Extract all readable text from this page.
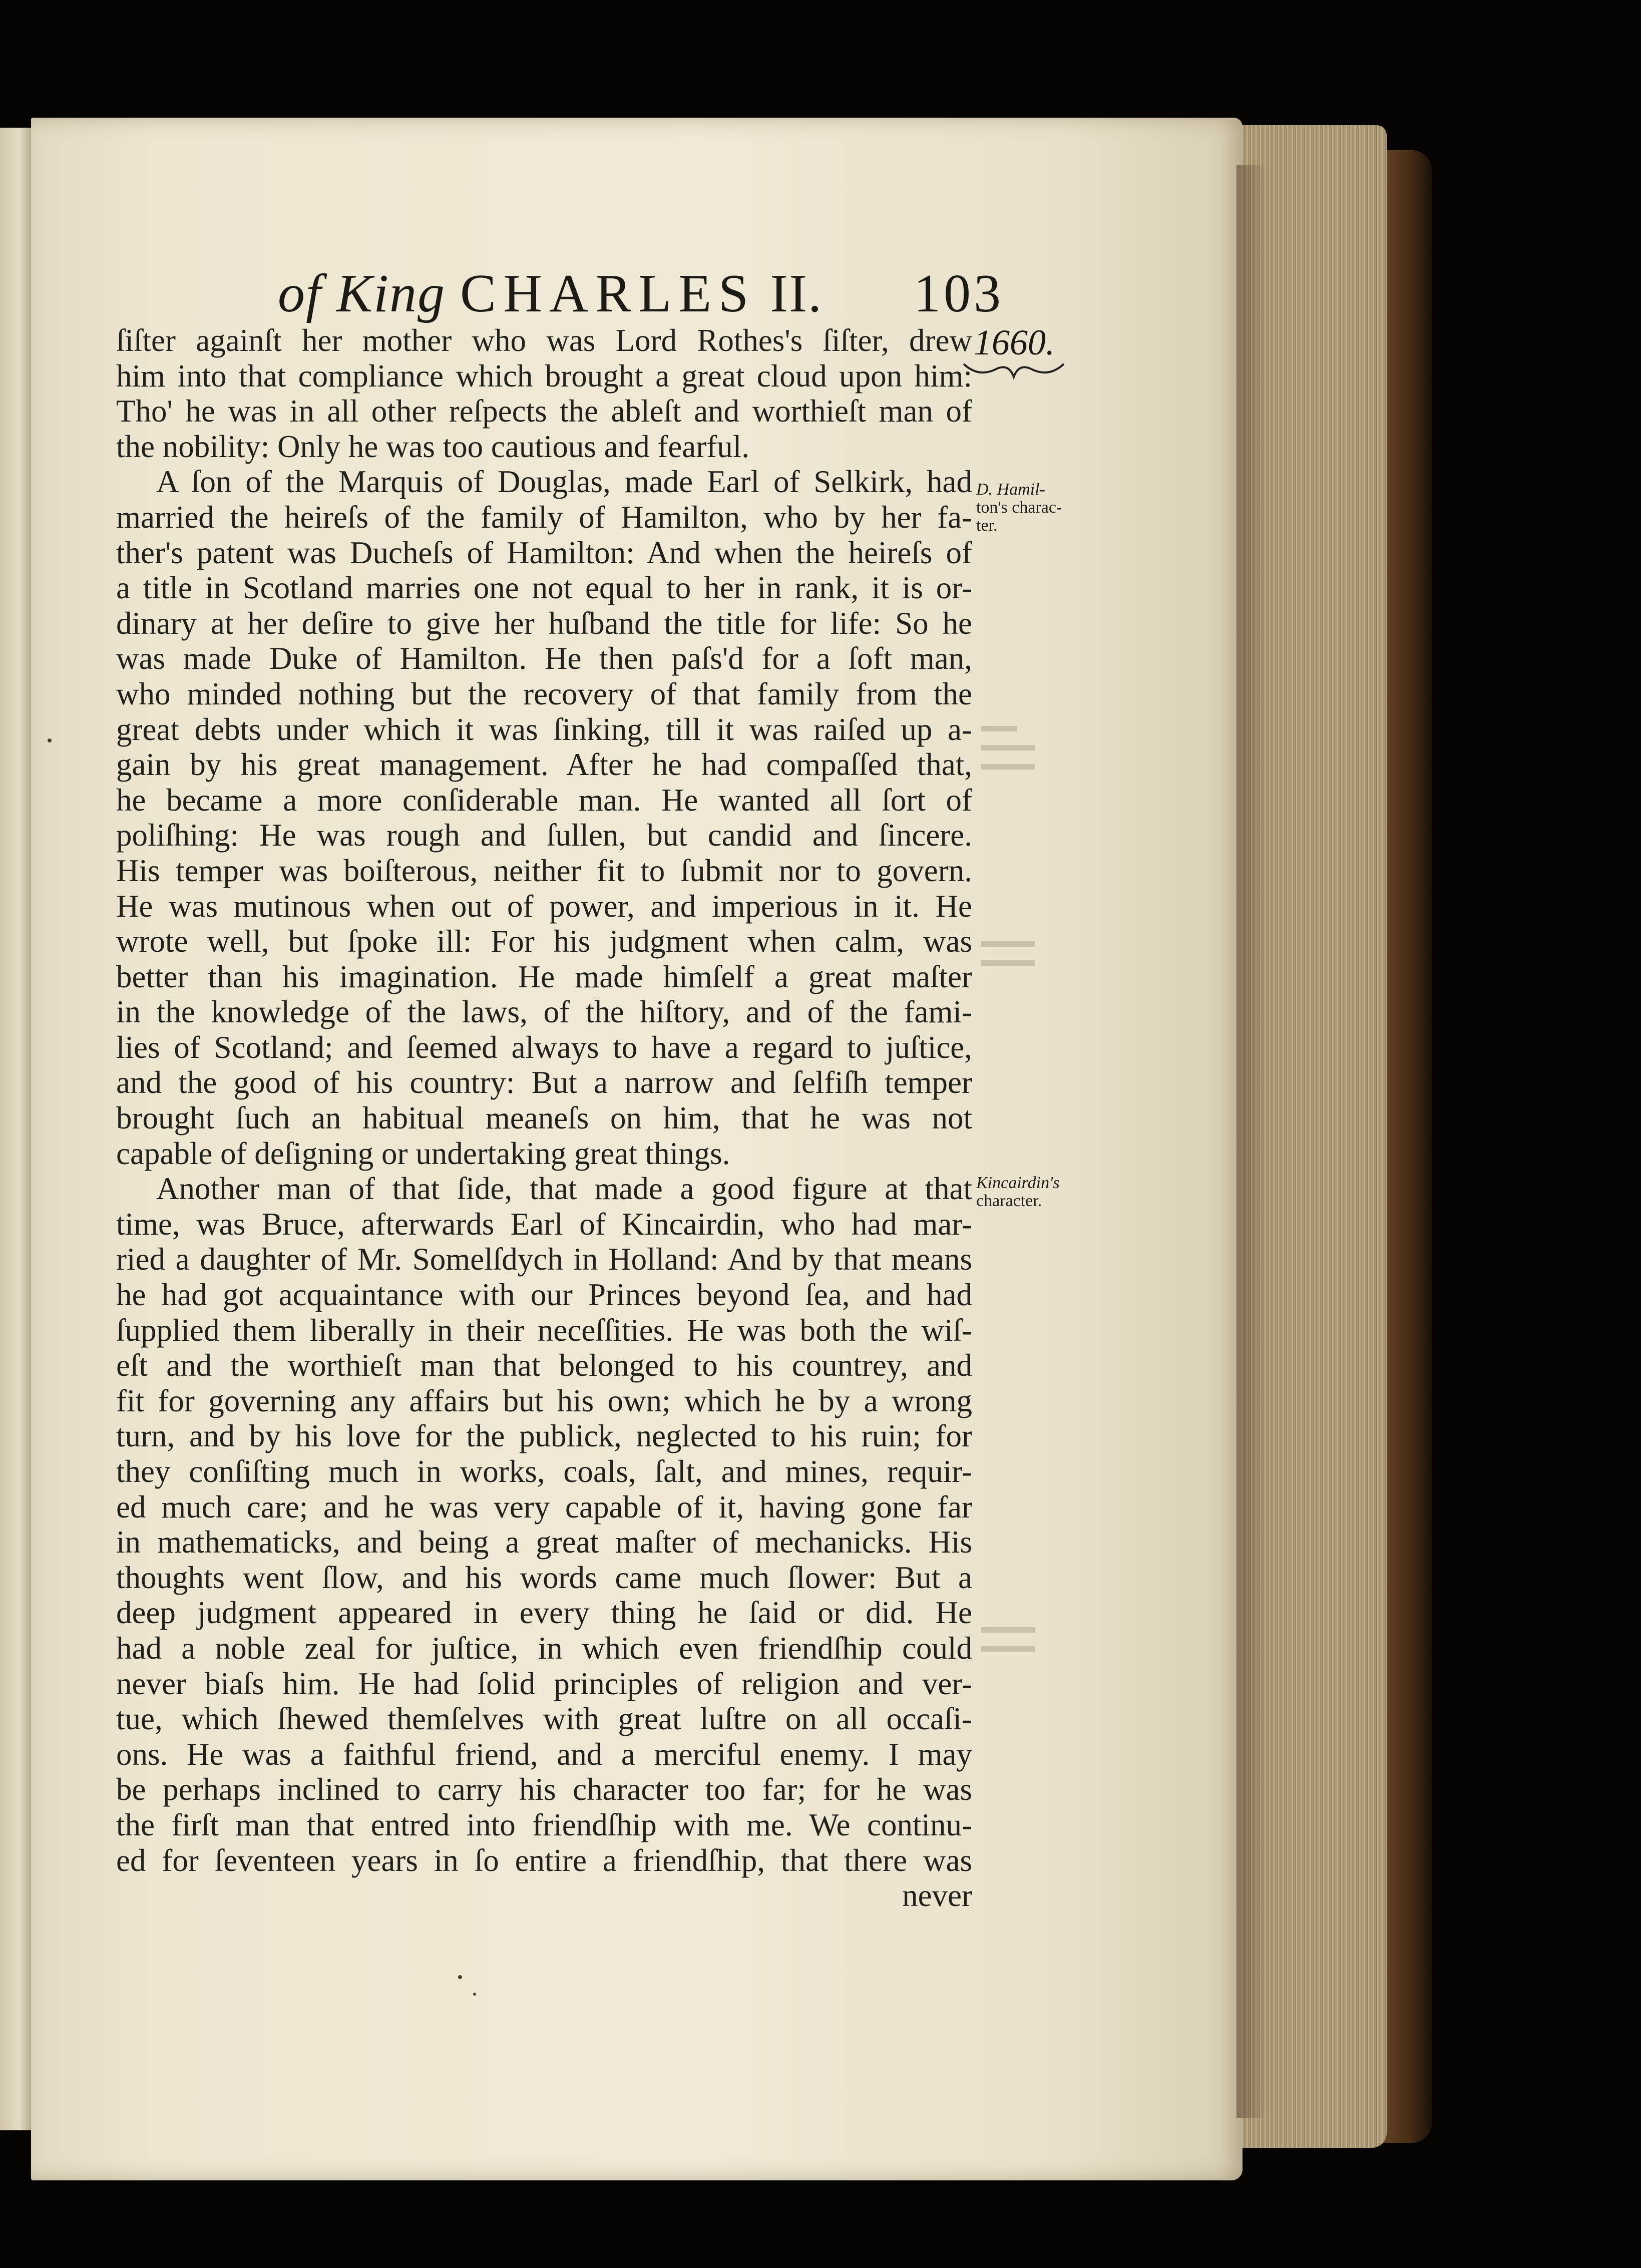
▬▬
▬▬▬
▬▬▬
▬▬▬
▬▬▬
▬▬▬
▬▬▬
of King CHARLES II. 103
1660.
ſiſter againſt her mother who was Lord Rothes's ſiſter, drew
him into that compliance which brought a great cloud upon him:
Tho' he was in all other reſpects the ableſt and worthieſt man of
the nobility: Only he was too cautious and fearful.
A ſon of the Marquis of Douglas, made Earl of Selkirk, had
married the heireſs of the family of Hamilton, who by her fa-
ther's patent was Ducheſs of Hamilton: And when the heireſs of
a title in Scotland marries one not equal to her in rank, it is or-
dinary at her deſire to give her huſband the title for life: So he
was made Duke of Hamilton. He then paſs'd for a ſoft man,
who minded nothing but the recovery of that family from the
great debts under which it was ſinking, till it was raiſed up a-
gain by his great management. After he had compaſſed that,
he became a more conſiderable man. He wanted all ſort of
poliſhing: He was rough and ſullen, but candid and ſincere.
His temper was boiſterous, neither fit to ſubmit nor to govern.
He was mutinous when out of power, and imperious in it. He
wrote well, but ſpoke ill: For his judgment when calm, was
better than his imagination. He made himſelf a great maſter
in the knowledge of the laws, of the hiſtory, and of the fami-
lies of Scotland; and ſeemed always to have a regard to juſtice,
and the good of his country: But a narrow and ſelfiſh temper
brought ſuch an habitual meaneſs on him, that he was not
capable of deſigning or undertaking great things.
Another man of that ſide, that made a good figure at that
time, was Bruce, afterwards Earl of Kincairdin, who had mar-
ried a daughter of Mr. Somelſdych in Holland: And by that means
he had got acquaintance with our Princes beyond ſea, and had
ſupplied them liberally in their neceſſities. He was both the wiſ-
eſt and the worthieſt man that belonged to his countrey, and
fit for governing any affairs but his own; which he by a wrong
turn, and by his love for the publick, neglected to his ruin; for
they conſiſting much in works, coals, ſalt, and mines, requir-
ed much care; and he was very capable of it, having gone far
in mathematicks, and being a great maſter of mechanicks. His
thoughts went ſlow, and his words came much ſlower: But a
deep judgment appeared in every thing he ſaid or did. He
had a noble zeal for juſtice, in which even friendſhip could
never biaſs him. He had ſolid principles of religion and ver-
tue, which ſhewed themſelves with great luſtre on all occaſi-
ons. He was a faithful friend, and a merciful enemy. I may
be perhaps inclined to carry his character too far; for he was
the firſt man that entred into friendſhip with me. We continu-
ed for ſeventeen years in ſo entire a friendſhip, that there was
never
D. Hamil-
ton's charac-
ter.
Kincairdin's
character.
